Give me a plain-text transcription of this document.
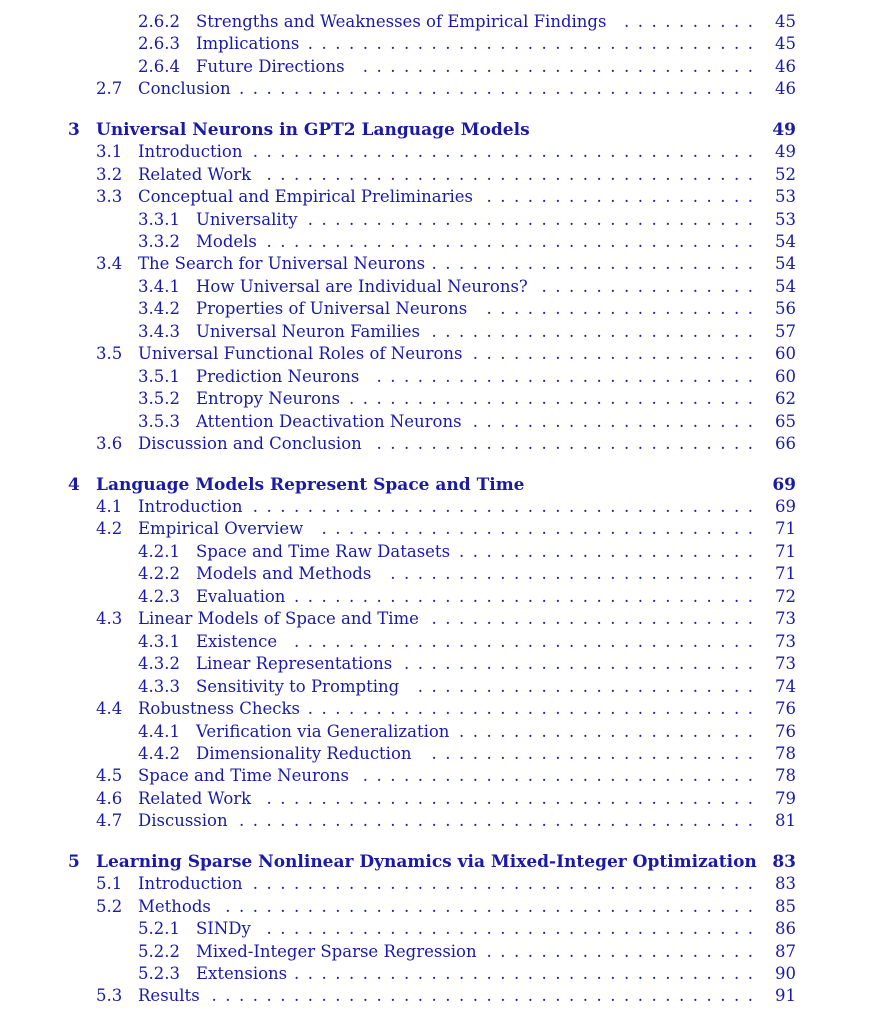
2.6.2 Strengths and Weaknesses of Empirical Findings . . . . . . . . . . 45
2.6.3 Implications . . . . . . . . . . . . . . . . . . . . . . . . . . . . . . . . . 45
2.6.4 Future Directions . . . . . . . . . . . . . . . . . . . . . . . . . . . . . 46
2.7 Conclusion . . . . . . . . . . . . . . . . . . . . . . . . . . . . . . . . . . . . . . 46
3 Universal Neurons in GPT2 Language Models	49
3.1 Introduction . . . . . . . . . . . . . . . . . . . . . . . . . . . . . . . . . . . . . 49
3.2 Related Work . . . . . . . . . . . . . . . . . . . . . . . . . . . . . . . . . . . . 52
3.3 Conceptual and Empirical Preliminaries . . . . . . . . . . . . . . . . . . . . 53
3.3.1 Universality . . . . . . . . . . . . . . . . . . . . . . . . . . . . . . . . . 53
3.3.2 Models . . . . . . . . . . . . . . . . . . . . . . . . . . . . . . . . . . . . 54
3.4 The Search for Universal Neurons . . . . . . . . . . . . . . . . . . . . . . . . 54
3.4.1 How Universal are Individual Neurons? . . . . . . . . . . . . . . . . 54
3.4.2 Properties of Universal Neurons . . . . . . . . . . . . . . . . . . . . 56
3.4.3 Universal Neuron Families . . . . . . . . . . . . . . . . . . . . . . . . 57
3.5 Universal Functional Roles of Neurons . . . . . . . . . . . . . . . . . . . . . 60
3.5.1 Prediction Neurons . . . . . . . . . . . . . . . . . . . . . . . . . . . . 60
3.5.2 Entropy Neurons . . . . . . . . . . . . . . . . . . . . . . . . . . . . . . 62
3.5.3 Attention Deactivation Neurons . . . . . . . . . . . . . . . . . . . . . 65
3.6 Discussion and Conclusion . . . . . . . . . . . . . . . . . . . . . . . . . . . . 66
4 Language Models Represent Space and Time	69
4.1 Introduction . . . . . . . . . . . . . . . . . . . . . . . . . . . . . . . . . . . . . 69
4.2 Empirical Overview . . . . . . . . . . . . . . . . . . . . . . . . . . . . . . . . 71
4.2.1 Space and Time Raw Datasets . . . . . . . . . . . . . . . . . . . . . . 71
4.2.2 Models and Methods . . . . . . . . . . . . . . . . . . . . . . . . . . . 71
4.2.3 Evaluation . . . . . . . . . . . . . . . . . . . . . . . . . . . . . . . . . . 72
4.3 Linear Models of Space and Time . . . . . . . . . . . . . . . . . . . . . . . . 73
4.3.1 Existence . . . . . . . . . . . . . . . . . . . . . . . . . . . . . . . . . . 73
4.3.2 Linear Representations . . . . . . . . . . . . . . . . . . . . . . . . . . 73
4.3.3 Sensitivity to Prompting . . . . . . . . . . . . . . . . . . . . . . . . . 74
4.4 Robustness Checks . . . . . . . . . . . . . . . . . . . . . . . . . . . . . . . . . 76
4.4.1 Verification via Generalization . . . . . . . . . . . . . . . . . . . . . . 76
4.4.2 Dimensionality Reduction . . . . . . . . . . . . . . . . . . . . . . . . 78
4.5 Space and Time Neurons . . . . . . . . . . . . . . . . . . . . . . . . . . . . . 78
4.6 Related Work . . . . . . . . . . . . . . . . . . . . . . . . . . . . . . . . . . . . 79
4.7 Discussion . . . . . . . . . . . . . . . . . . . . . . . . . . . . . . . . . . . . . . 81
5 Learning Sparse Nonlinear Dynamics via Mixed-Integer Optimization 83
5.1 Introduction . . . . . . . . . . . . . . . . . . . . . . . . . . . . . . . . . . . . . 83
5.2 Methods . . . . . . . . . . . . . . . . . . . . . . . . . . . . . . . . . . . . . . . 85
5.2.1 SINDy . . . . . . . . . . . . . . . . . . . . . . . . . . . . . . . . . . . . 86
5.2.2 Mixed-Integer Sparse Regression . . . . . . . . . . . . . . . . . . . . 87
5.2.3 Extensions . . . . . . . . . . . . . . . . . . . . . . . . . . . . . . . . . . 90
5.3 Results . . . . . . . . . . . . . . . . . . . . . . . . . . . . . . . . . . . . . . . . 91
